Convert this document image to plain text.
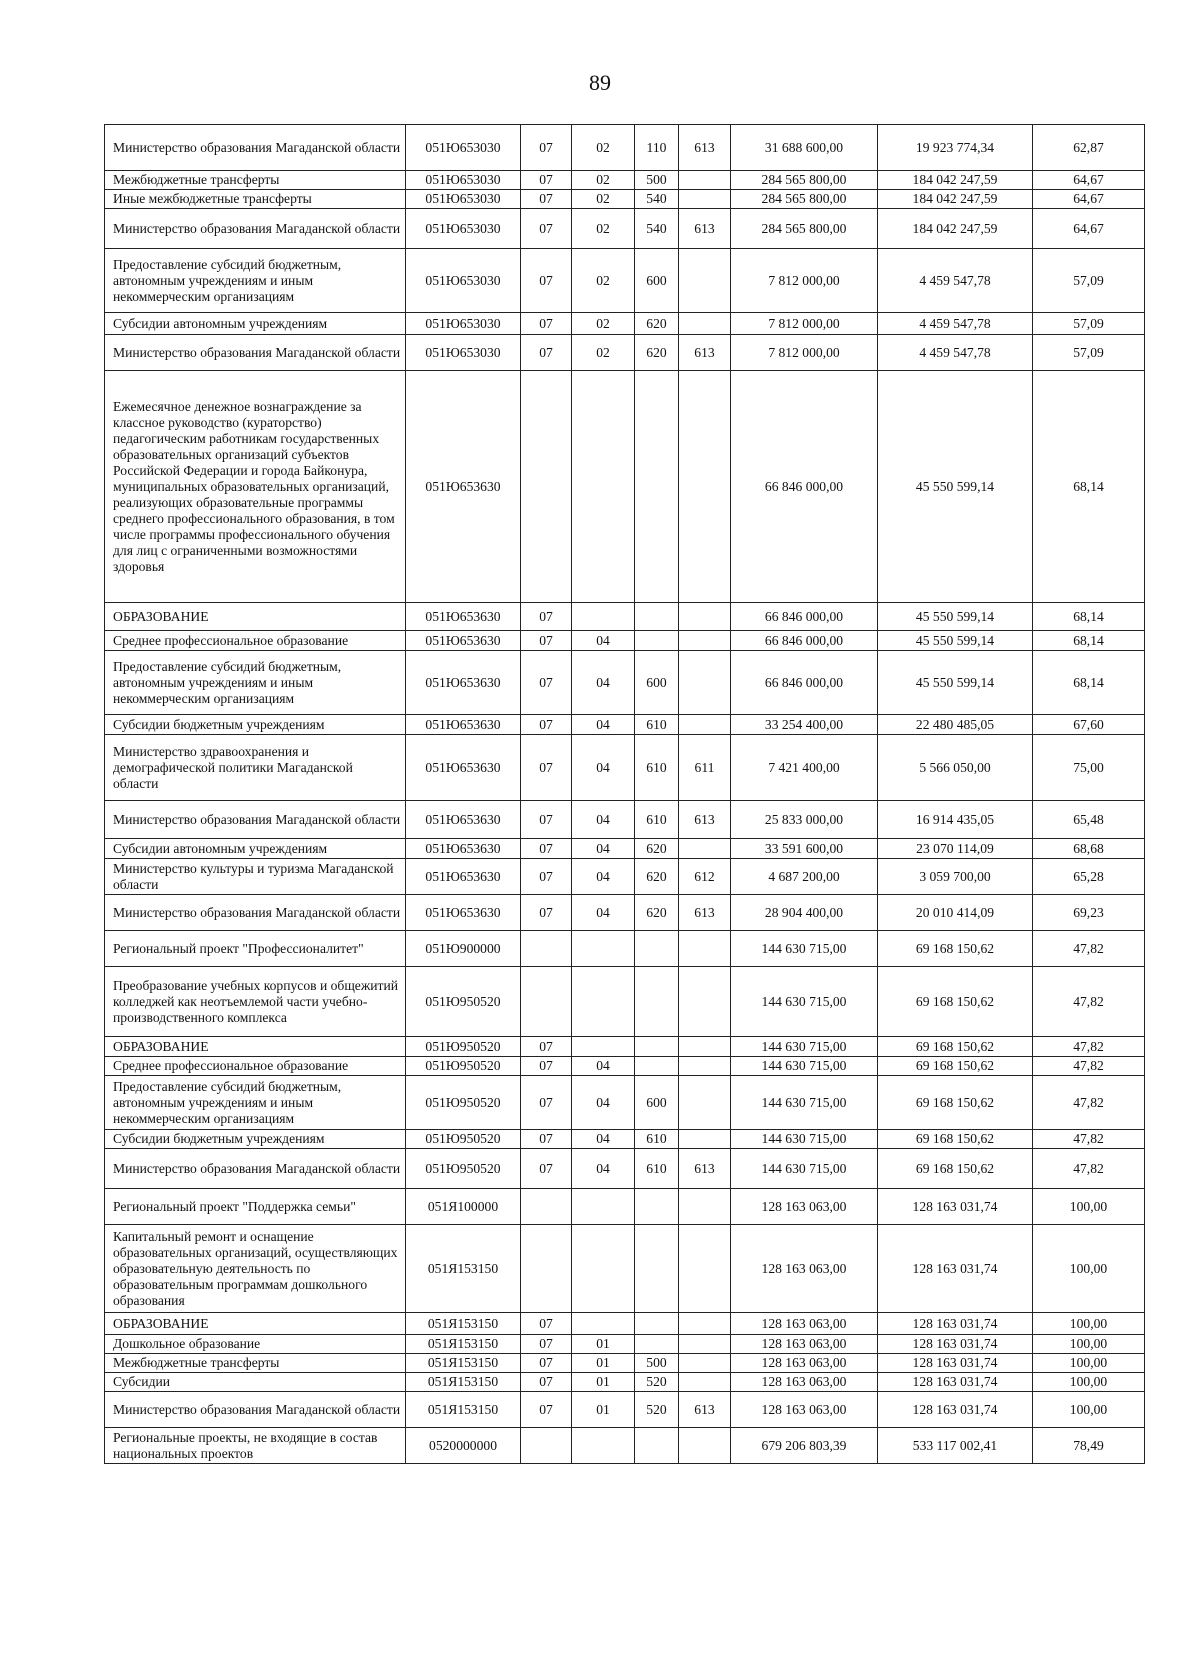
89
Министерство образования Магаданской области	051Ю653030	07	02	110	613	31 688 600,00	19 923 774,34	62,87
Межбюджетные трансферты	051Ю653030	07	02	500		284 565 800,00	184 042 247,59	64,67
Иные межбюджетные трансферты	051Ю653030	07	02	540		284 565 800,00	184 042 247,59	64,67
Министерство образования Магаданской области	051Ю653030	07	02	540	613	284 565 800,00	184 042 247,59	64,67
Предоставление субсидий бюджетным, автономным учреждениям и иным некоммерческим организациям	051Ю653030	07	02	600		7 812 000,00	4 459 547,78	57,09
Субсидии автономным учреждениям	051Ю653030	07	02	620		7 812 000,00	4 459 547,78	57,09
Министерство образования Магаданской области	051Ю653030	07	02	620	613	7 812 000,00	4 459 547,78	57,09
Ежемесячное денежное вознаграждение за классное руководство (кураторство) педагогическим работникам государственных образовательных организаций субъектов Российской Федерации и города Байконура, муниципальных образовательных организаций, реализующих образовательные программы среднего профессионального образования, в том числе программы профессионального обучения для лиц с ограниченными возможностями здоровья	051Ю653630					66 846 000,00	45 550 599,14	68,14
ОБРАЗОВАНИЕ	051Ю653630	07				66 846 000,00	45 550 599,14	68,14
Среднее профессиональное образование	051Ю653630	07	04			66 846 000,00	45 550 599,14	68,14
Предоставление субсидий бюджетным, автономным учреждениям и иным некоммерческим организациям	051Ю653630	07	04	600		66 846 000,00	45 550 599,14	68,14
Субсидии бюджетным учреждениям	051Ю653630	07	04	610		33 254 400,00	22 480 485,05	67,60
Министерство здравоохранения и демографической политики Магаданской области	051Ю653630	07	04	610	611	7 421 400,00	5 566 050,00	75,00
Министерство образования Магаданской области	051Ю653630	07	04	610	613	25 833 000,00	16 914 435,05	65,48
Субсидии автономным учреждениям	051Ю653630	07	04	620		33 591 600,00	23 070 114,09	68,68
Министерство культуры и туризма Магаданской области	051Ю653630	07	04	620	612	4 687 200,00	3 059 700,00	65,28
Министерство образования Магаданской области	051Ю653630	07	04	620	613	28 904 400,00	20 010 414,09	69,23
Региональный проект "Профессионалитет"	051Ю900000					144 630 715,00	69 168 150,62	47,82
Преобразование учебных корпусов и общежитий колледжей как неотъемлемой части учебно-производственного комплекса	051Ю950520					144 630 715,00	69 168 150,62	47,82
ОБРАЗОВАНИЕ	051Ю950520	07				144 630 715,00	69 168 150,62	47,82
Среднее профессиональное образование	051Ю950520	07	04			144 630 715,00	69 168 150,62	47,82
Предоставление субсидий бюджетным, автономным учреждениям и иным некоммерческим организациям	051Ю950520	07	04	600		144 630 715,00	69 168 150,62	47,82
Субсидии бюджетным учреждениям	051Ю950520	07	04	610		144 630 715,00	69 168 150,62	47,82
Министерство образования Магаданской области	051Ю950520	07	04	610	613	144 630 715,00	69 168 150,62	47,82
Региональный проект "Поддержка семьи"	051Я100000					128 163 063,00	128 163 031,74	100,00
Капитальный ремонт и оснащение образовательных организаций, осуществляющих образовательную деятельность по образовательным программам дошкольного образования	051Я153150					128 163 063,00	128 163 031,74	100,00
ОБРАЗОВАНИЕ	051Я153150	07				128 163 063,00	128 163 031,74	100,00
Дошкольное образование	051Я153150	07	01			128 163 063,00	128 163 031,74	100,00
Межбюджетные трансферты	051Я153150	07	01	500		128 163 063,00	128 163 031,74	100,00
Субсидии	051Я153150	07	01	520		128 163 063,00	128 163 031,74	100,00
Министерство образования Магаданской области	051Я153150	07	01	520	613	128 163 063,00	128 163 031,74	100,00
Региональные проекты, не входящие в состав национальных проектов	0520000000					679 206 803,39	533 117 002,41	78,49
